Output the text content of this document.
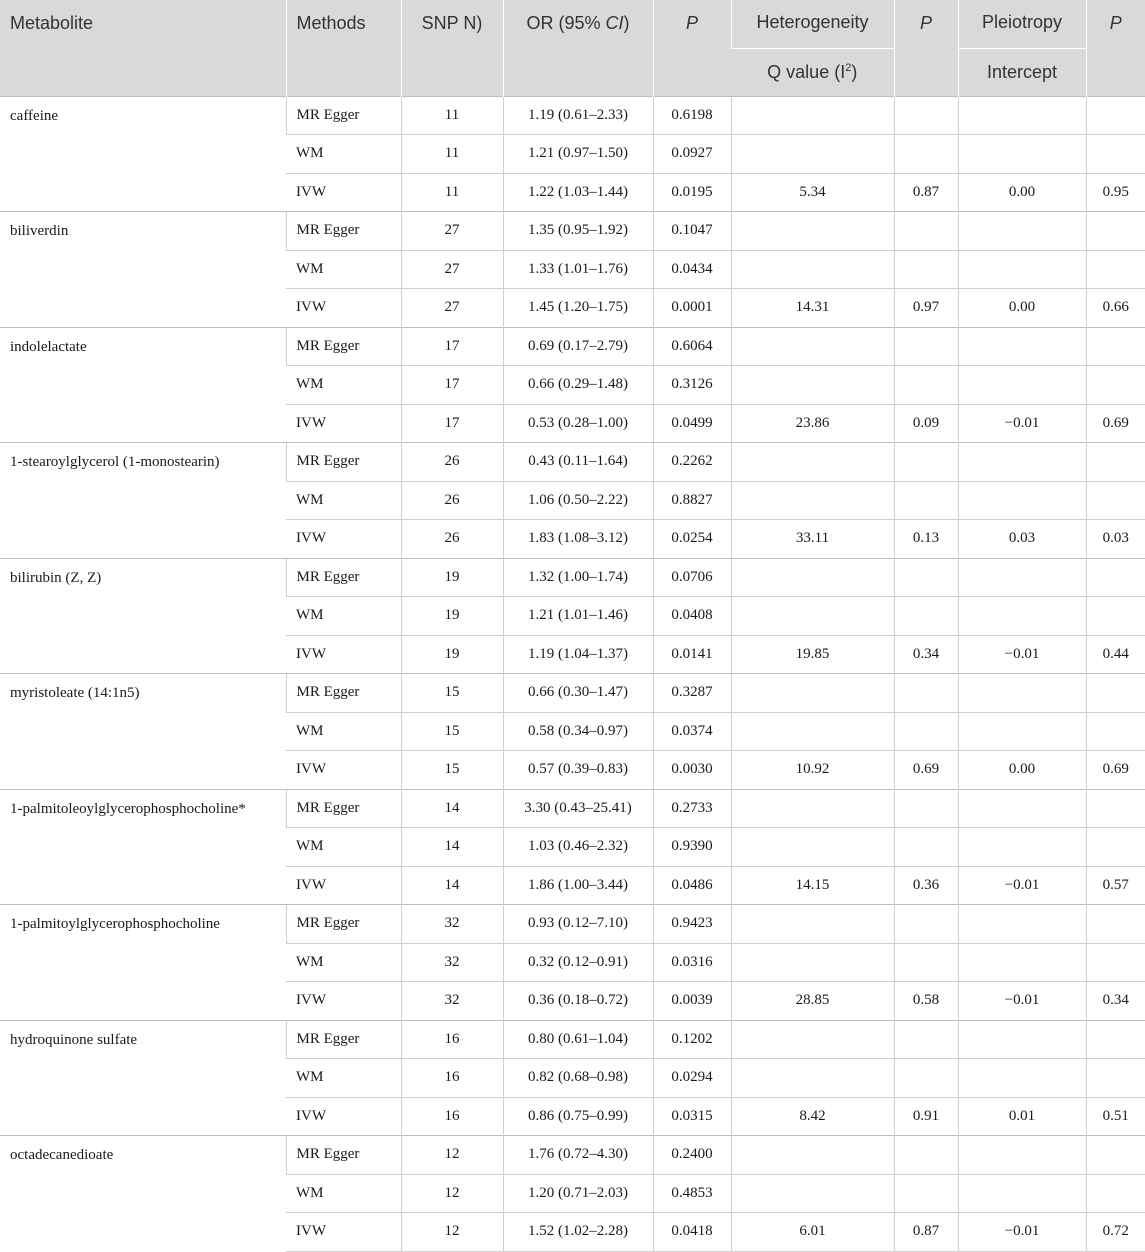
Metabolite	Methods	SNP N)	OR (95% CI)	P	Heterogeneity	P	Pleiotropy	P
					Q value $(I^2)$		Intercept	
caffeine	MR Egger	11	1.19 (0.61–2.33)	0.6198				
	WM	11	1.21 (0.97–1.50)	0.0927				
	IVW	11	1.22 (1.03–1.44)	0.0195	5.34	0.87	0.00	0.95
biliverdin	MR Egger	27	1.35 (0.95–1.92)	0.1047				
	WM	27	1.33 (1.01–1.76)	0.0434				
	IVW	27	1.45 (1.20–1.75)	0.0001	14.31	0.97	0.00	0.66
indolelactate	MR Egger	17	0.69 (0.17–2.79)	0.6064				
	WM	17	0.66 (0.29–1.48)	0.3126				
	IVW	17	0.53 (0.28–1.00)	0.0499	23.86	0.09	−0.01	0.69
1-stearoylglycerol (1-monostearin)	MR Egger	26	0.43 (0.11–1.64)	0.2262				
	WM	26	1.06 (0.50–2.22)	0.8827				
	IVW	26	1.83 (1.08–3.12)	0.0254	33.11	0.13	0.03	0.03
bilirubin (Z, Z)	MR Egger	19	1.32 (1.00–1.74)	0.0706				
	WM	19	1.21 (1.01–1.46)	0.0408				
	IVW	19	1.19 (1.04–1.37)	0.0141	19.85	0.34	−0.01	0.44
myristoleate (14:1n5)	MR Egger	15	0.66 (0.30–1.47)	0.3287				
	WM	15	0.58 (0.34–0.97)	0.0374				
	IVW	15	0.57 (0.39–0.83)	0.0030	10.92	0.69	0.00	0.69
1-palmitoleoylglycerophosphocholine*	MR Egger	14	3.30 (0.43–25.41)	0.2733				
	WM	14	1.03 (0.46–2.32)	0.9390				
	IVW	14	1.86 (1.00–3.44)	0.0486	14.15	0.36	−0.01	0.57
1-palmitoylglycerophosphocholine	MR Egger	32	0.93 (0.12–7.10)	0.9423				
	WM	32	0.32 (0.12–0.91)	0.0316				
	IVW	32	0.36 (0.18–0.72)	0.0039	28.85	0.58	−0.01	0.34
hydroquinone sulfate	MR Egger	16	0.80 (0.61–1.04)	0.1202				
	WM	16	0.82 (0.68–0.98)	0.0294				
	IVW	16	0.86 (0.75–0.99)	0.0315	8.42	0.91	0.01	0.51
octadecanedioate	MR Egger	12	1.76 (0.72–4.30)	0.2400				
	WM	12	1.20 (0.71–2.03)	0.4853				
	IVW	12	1.52 (1.02–2.28)	0.0418	6.01	0.87	−0.01	0.72
